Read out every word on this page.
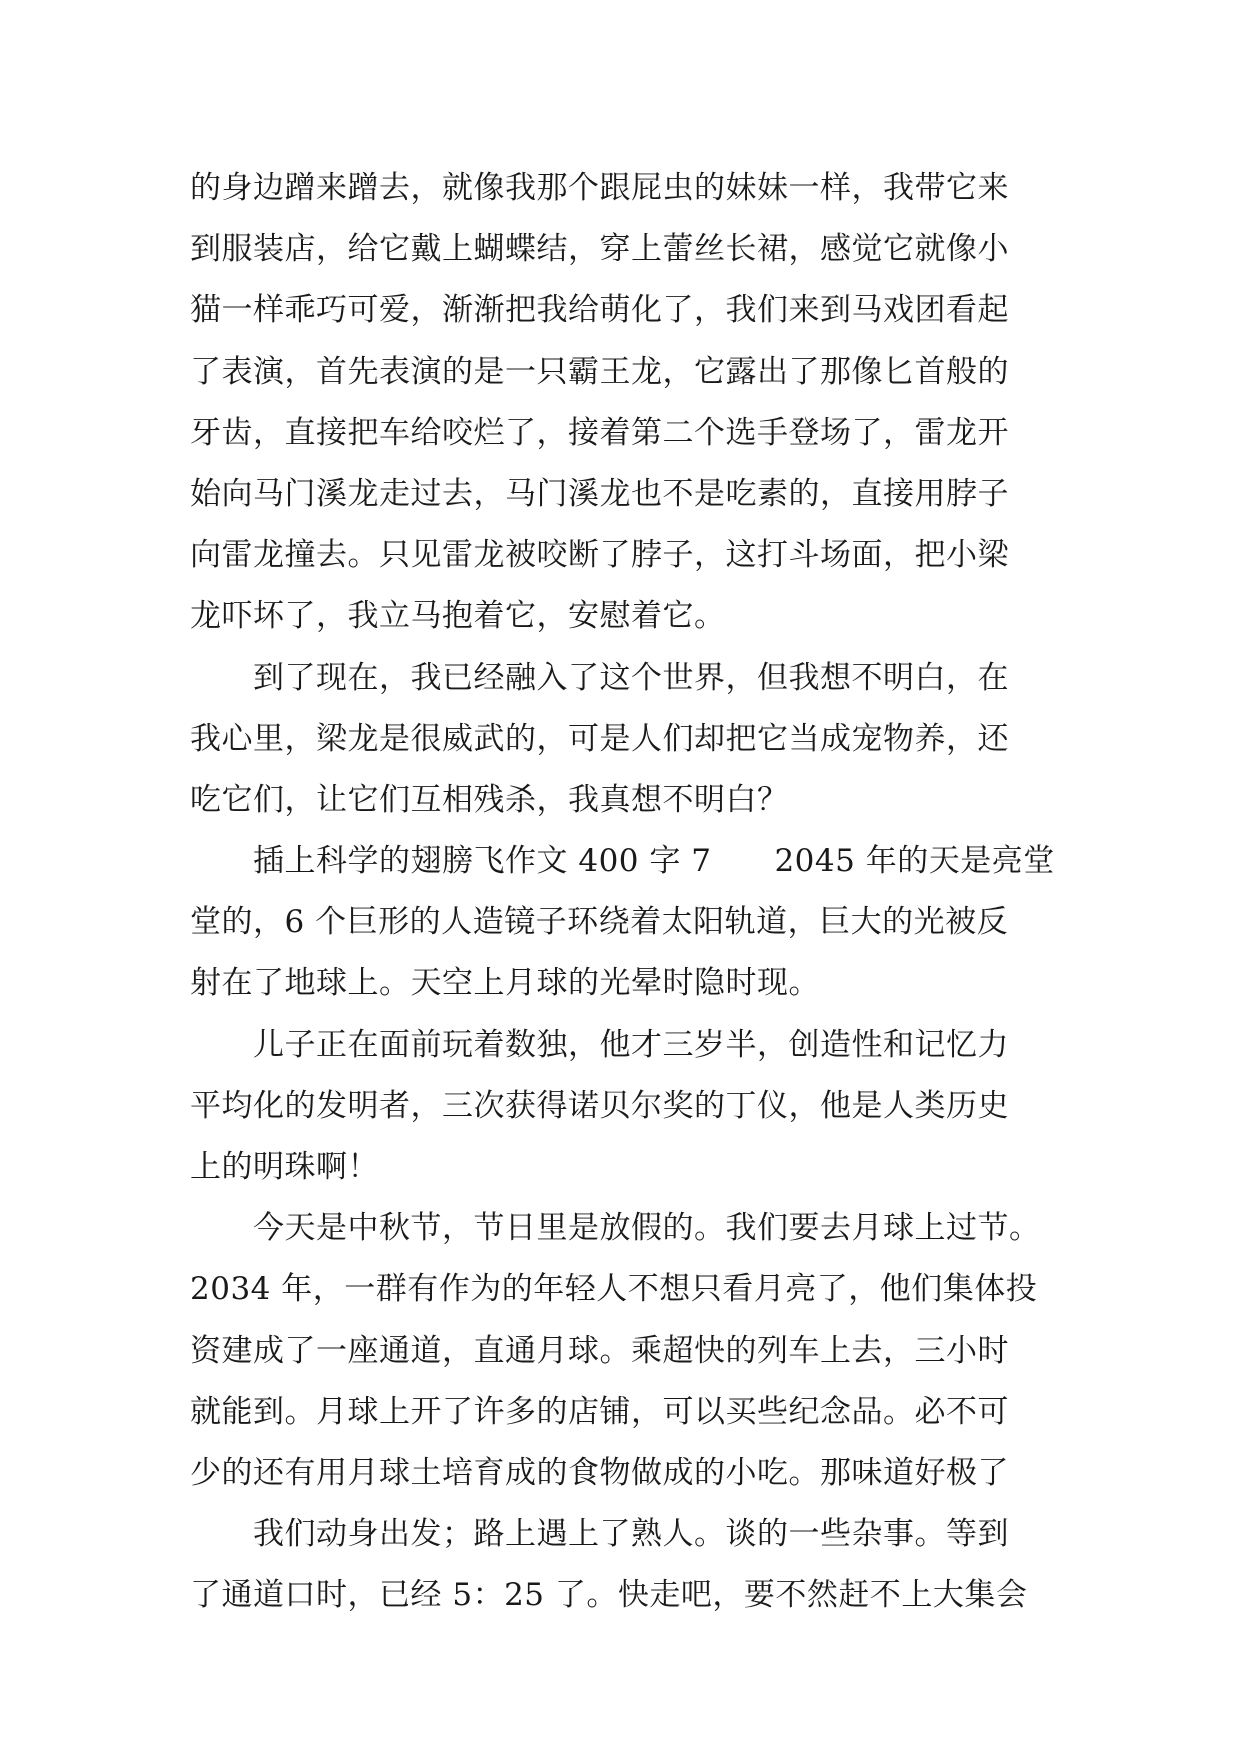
的身边蹭来蹭去，就像我那个跟屁虫的妹妹一样，我带它来
到服装店，给它戴上蝴蝶结，穿上蕾丝长裙，感觉它就像小
猫一样乖巧可爱，渐渐把我给萌化了，我们来到马戏团看起
了表演，首先表演的是一只霸王龙，它露出了那像匕首般的
牙齿，直接把车给咬烂了，接着第二个选手登场了，雷龙开
始向马门溪龙走过去，马门溪龙也不是吃素的，直接用脖子
向雷龙撞去。只见雷龙被咬断了脖子，这打斗场面，把小梁
龙吓坏了，我立马抱着它，安慰着它。
　　到了现在，我已经融入了这个世界，但我想不明白，在
我心里，梁龙是很威武的，可是人们却把它当成宠物养，还
吃它们，让它们互相残杀，我真想不明白？
　　插上科学的翅膀飞作文 400 字 7　　2045 年的天是亮堂
堂的，6 个巨形的人造镜子环绕着太阳轨道，巨大的光被反
射在了地球上。天空上月球的光晕时隐时现。
　　儿子正在面前玩着数独，他才三岁半，创造性和记忆力
平均化的发明者，三次获得诺贝尔奖的丁仪，他是人类历史
上的明珠啊！
　　今天是中秋节，节日里是放假的。我们要去月球上过节。
2034 年，一群有作为的年轻人不想只看月亮了，他们集体投
资建成了一座通道，直通月球。乘超快的列车上去，三小时
就能到。月球上开了许多的店铺，可以买些纪念品。必不可
少的还有用月球土培育成的食物做成的小吃。那味道好极了
　　我们动身出发；路上遇上了熟人。谈的一些杂事。等到
了通道口时，已经 5：25 了。快走吧，要不然赶不上大集会
